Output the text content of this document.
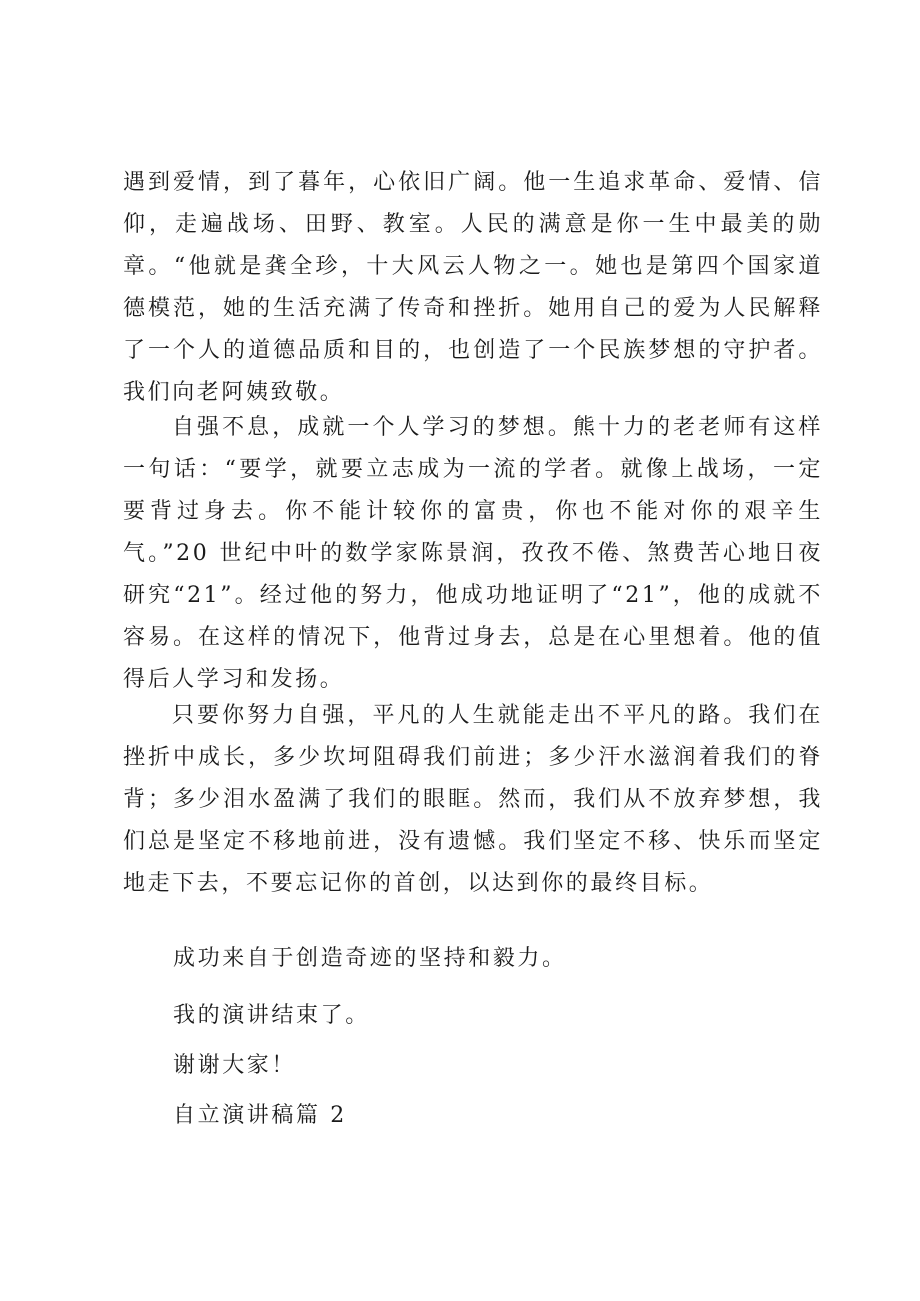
遇到爱情，到了暮年，心依旧广阔。他一生追求革命、爱情、信仰，走遍战场、田野、教室。人民的满意是你一生中最美的勋章。“他就是龚全珍，十大风云人物之一。她也是第四个国家道德模范，她的生活充满了传奇和挫折。她用自己的爱为人民解释了一个人的道德品质和目的，也创造了一个民族梦想的守护者。我们向老阿姨致敬。

自强不息，成就一个人学习的梦想。熊十力的老老师有这样一句话：“要学，就要立志成为一流的学者。就像上战场，一定要背过身去。你不能计较你的富贵，你也不能对你的艰辛生气。”20 世纪中叶的数学家陈景润，孜孜不倦、煞费苦心地日夜研究“21”。经过他的努力，他成功地证明了“21”，他的成就不容易。在这样的情况下，他背过身去，总是在心里想着。他的值得后人学习和发扬。

只要你努力自强，平凡的人生就能走出不平凡的路。我们在挫折中成长，多少坎坷阻碍我们前进；多少汗水滋润着我们的脊背；多少泪水盈满了我们的眼眶。然而，我们从不放弃梦想，我们总是坚定不移地前进，没有遗憾。我们坚定不移、快乐而坚定地走下去，不要忘记你的首创，以达到你的最终目标。

成功来自于创造奇迹的坚持和毅力。

我的演讲结束了。

谢谢大家！

自立演讲稿篇 2
